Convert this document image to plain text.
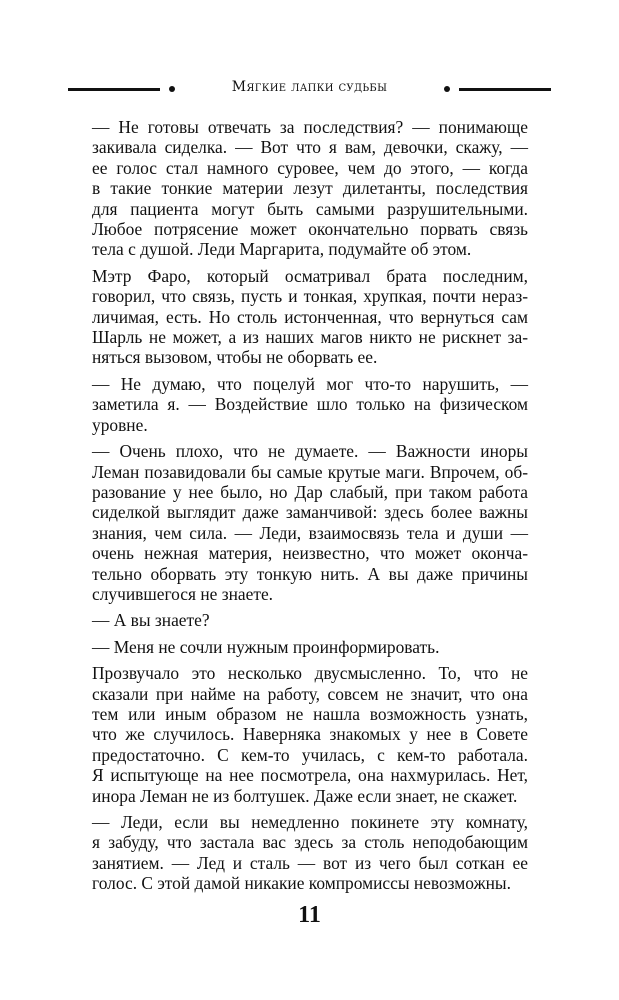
Мягкие лапки судьбы

— Не готовы отвечать за последствия? — понимающе
закивала сиделка. — Вот что я вам, девочки, скажу, —
ее голос стал намного суровее, чем до этого, — когда
в такие тонкие материи лезут дилетанты, последствия
для пациента могут быть самыми разрушительными.
Любое потрясение может окончательно порвать связь
тела с душой. Леди Маргарита, подумайте об этом.

Мэтр Фаро, который осматривал брата последним,
говорил, что связь, пусть и тонкая, хрупкая, почти нераз-
личимая, есть. Но столь истонченная, что вернуться сам
Шарль не может, а из наших магов никто не рискнет за-
няться вызовом, чтобы не оборвать ее.

— Не думаю, что поцелуй мог что-то нарушить, —
заметила я. — Воздействие шло только на физическом
уровне.

— Очень плохо, что не думаете. — Важности иноры
Леман позавидовали бы самые крутые маги. Впрочем, об-
разование у нее было, но Дар слабый, при таком работа
сиделкой выглядит даже заманчивой: здесь более важны
знания, чем сила. — Леди, взаимосвязь тела и души —
очень нежная материя, неизвестно, что может оконча-
тельно оборвать эту тонкую нить. А вы даже причины
случившегося не знаете.

— А вы знаете?

— Меня не сочли нужным проинформировать.

Прозвучало это несколько двусмысленно. То, что не
сказали при найме на работу, совсем не значит, что она
тем или иным образом не нашла возможность узнать,
что же случилось. Наверняка знакомых у нее в Совете
предостаточно. С кем-то училась, с кем-то работала.
Я испытующе на нее посмотрела, она нахмурилась. Нет,
инора Леман не из болтушек. Даже если знает, не скажет.

— Леди, если вы немедленно покинете эту комнату,
я забуду, что застала вас здесь за столь неподобающим
занятием. — Лед и сталь — вот из чего был соткан ее
голос. С этой дамой никакие компромиссы невозможны.

11
